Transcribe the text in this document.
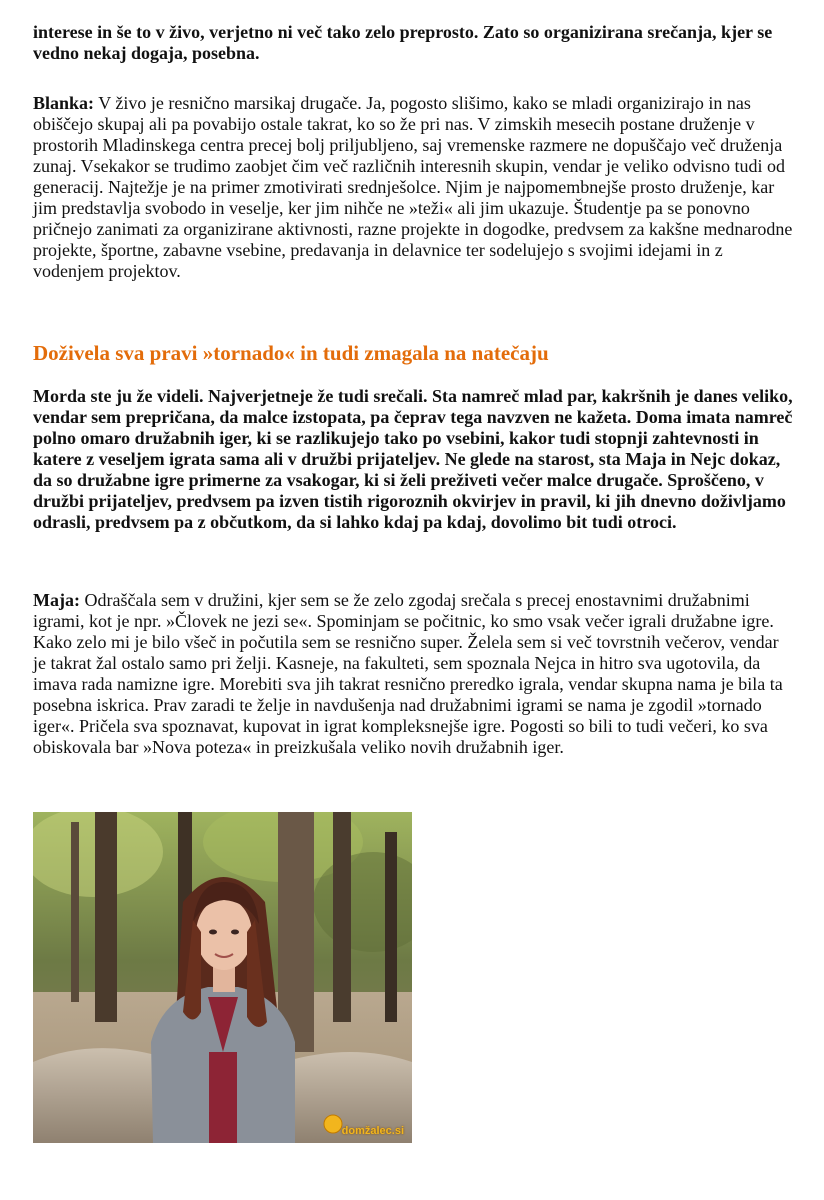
interese in še to v živo, verjetno ni več tako zelo preprosto. Zato so organizirana srečanja, kjer se vedno nekaj dogaja, posebna.

Blanka: V živo je resnično marsikaj drugače. Ja, pogosto slišimo, kako se mladi organizirajo in nas obiščejo skupaj ali pa povabijo ostale takrat, ko so že pri nas. V zimskih mesecih postane druženje v prostorih Mladinskega centra precej bolj priljubljeno, saj vremenske razmere ne dopuščajo več druženja zunaj. Vsekakor se trudimo zaobjet čim več različnih interesnih skupin, vendar je veliko odvisno tudi od generacij. Najtežje je na primer zmotivirati srednješolce. Njim je najpomembnejše prosto druženje, kar jim predstavlja svobodo in veselje, ker jim nihče ne »teži« ali jim ukazuje. Študentje pa se ponovno pričnejo zanimati za organizirane aktivnosti, razne projekte in dogodke, predvsem za kakšne mednarodne projekte, športne, zabavne vsebine, predavanja in delavnice ter sodelujejo s svojimi idejami in z vodenjem projektov.

Doživela sva pravi »tornado« in tudi zmagala na natečaju

Morda ste ju že videli. Najverjetneje že tudi srečali. Sta namreč mlad par, kakršnih je danes veliko, vendar sem prepričana, da malce izstopata, pa čeprav tega navzven ne kažeta. Doma imata namreč polno omaro družabnih iger, ki se razlikujejo tako po vsebini, kakor tudi stopnji zahtevnosti in katere z veseljem igrata sama ali v družbi prijateljev. Ne glede na starost, sta Maja in Nejc dokaz, da so družabne igre primerne za vsakogar, ki si želi preživeti večer malce drugače. Sproščeno, v družbi prijateljev, predvsem pa izven tistih rigoroznih okvirjev in pravil, ki jih dnevno doživljamo odrasli, predvsem pa z občutkom, da si lahko kdaj pa kdaj, dovolimo bit tudi otroci.

Maja: Odraščala sem v družini, kjer sem se že zelo zgodaj srečala s precej enostavnimi družabnimi igrami, kot je npr. »Človek ne jezi se«. Spominjam se počitnic, ko smo vsak večer igrali družabne igre. Kako zelo mi je bilo všeč in počutila sem se resnično super. Želela sem si več tovrstnih večerov, vendar je takrat žal ostalo samo pri želji. Kasneje, na fakulteti, sem spoznala Nejca in hitro sva ugotovila, da imava rada namizne igre. Morebiti sva jih takrat resnično preredko igrala, vendar skupna nama je bila ta posebna iskrica. Prav zaradi te želje in navdušenja nad družabnimi igrami se nama je zgodil »tornado iger«. Pričela sva spoznavat, kupovat in igrat kompleksnejše igre. Pogosti so bili to tudi večeri, ko sva obiskovala bar »Nova poteza« in preizkušala veliko novih družabnih iger.

domžalec.si
